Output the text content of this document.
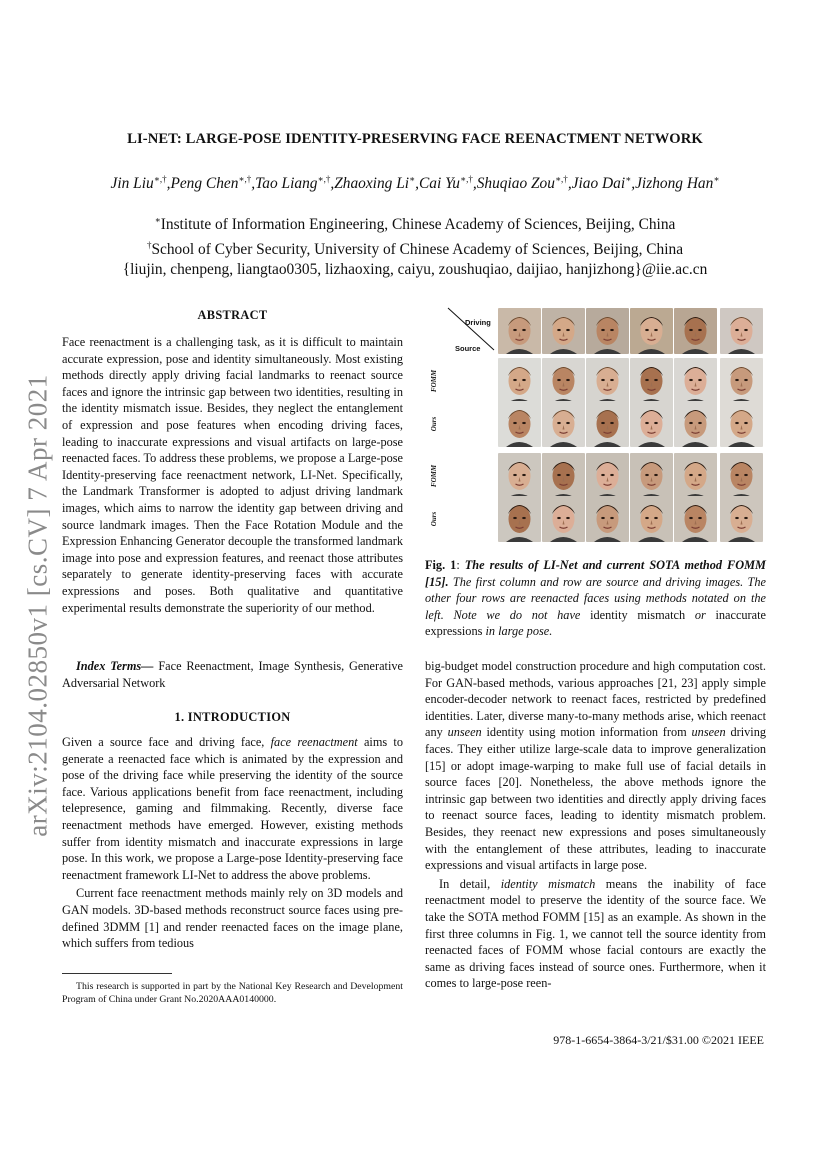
arXiv:2104.02850v1 [cs.CV] 7 Apr 2021
LI-NET: LARGE-POSE IDENTITY-PRESERVING FACE REENACTMENT NETWORK
Jin Liu∗,†,Peng Chen∗,†,Tao Liang∗,†,Zhaoxing Li∗,Cai Yu∗,†,Shuqiao Zou∗,†,Jiao Dai∗,Jizhong Han∗
∗Institute of Information Engineering, Chinese Academy of Sciences, Beijing, China
†School of Cyber Security, University of Chinese Academy of Sciences, Beijing, China
{liujin, chenpeng, liangtao0305, lizhaoxing, caiyu, zoushuqiao, daijiao, hanjizhong}@iie.ac.cn
ABSTRACT

Face reenactment is a challenging task, as it is difficult to maintain accurate expression, pose and identity simultaneously. Most existing methods directly apply driving facial landmarks to reenact source faces and ignore the intrinsic gap between two identities, resulting in the identity mismatch issue. Besides, they neglect the entanglement of expression and pose features when encoding driving faces, leading to inaccurate expressions and visual artifacts on large-pose reenacted faces. To address these problems, we propose a Large-pose Identity-preserving face reenactment network, LI-Net. Specifically, the Landmark Transformer is adopted to adjust driving landmark images, which aims to narrow the identity gap between driving and source landmark images. Then the Face Rotation Module and the Expression Enhancing Generator decouple the transformed landmark image into pose and expression features, and reenact those attributes separately to generate identity-preserving faces with accurate expressions and poses. Both qualitative and quantitative experimental results demonstrate the superiority of our method.

Index Terms— Face Reenactment, Image Synthesis, Generative Adversarial Network

1. INTRODUCTION

Given a source face and driving face, face reenactment aims to generate a reenacted face which is animated by the expression and pose of the driving face while preserving the identity of the source face. Various applications benefit from face reenactment, including telepresence, gaming and filmmaking. Recently, diverse face reenactment methods have emerged. However, existing methods suffer from identity mismatch and inaccurate expressions in large pose. In this work, we propose a Large-pose Identity-preserving face reenactment framework LI-Net to address the above problems.

Current face reenactment methods mainly rely on 3D models and GAN models. 3D-based methods reconstruct source faces using pre-defined 3DMM [1] and render reenacted faces on the image plane, which suffers from tedious

This research is supported in part by the National Key Research and Development Program of China under Grant No.2020AAA0140000.
Driving
Source
FOMM
Ours
FOMM
Ours

Fig. 1: The results of LI-Net and current SOTA method FOMM [15]. The first column and row are source and driving images. The other four rows are reenacted faces using methods notated on the left. Note we do not have identity mismatch or inaccurate expressions in large pose.

big-budget model construction procedure and high computation cost. For GAN-based methods, various approaches [21, 23] apply simple encoder-decoder network to reenact faces, restricted by predefined identities. Later, diverse many-to-many methods arise, which reenact any unseen identity using motion information from unseen driving faces. They either utilize large-scale data to improve generalization [15] or adopt image-warping to make full use of facial details in source faces [20]. Nonetheless, the above methods ignore the intrinsic gap between two identities and directly apply driving faces to reenact source faces, leading to identity mismatch problem. Besides, they reenact new expressions and poses simultaneously with the entanglement of these attributes, leading to inaccurate expressions and visual artifacts in large pose.

In detail, identity mismatch means the inability of face reenactment model to preserve the identity of the source face. We take the SOTA method FOMM [15] as an example. As shown in the first three columns in Fig. 1, we cannot tell the source identity from reenacted faces of FOMM whose facial contours are exactly the same as driving faces instead of source ones. Furthermore, when it comes to large-pose reen-

978-1-6654-3864-3/21/$31.00 ©2021 IEEE
